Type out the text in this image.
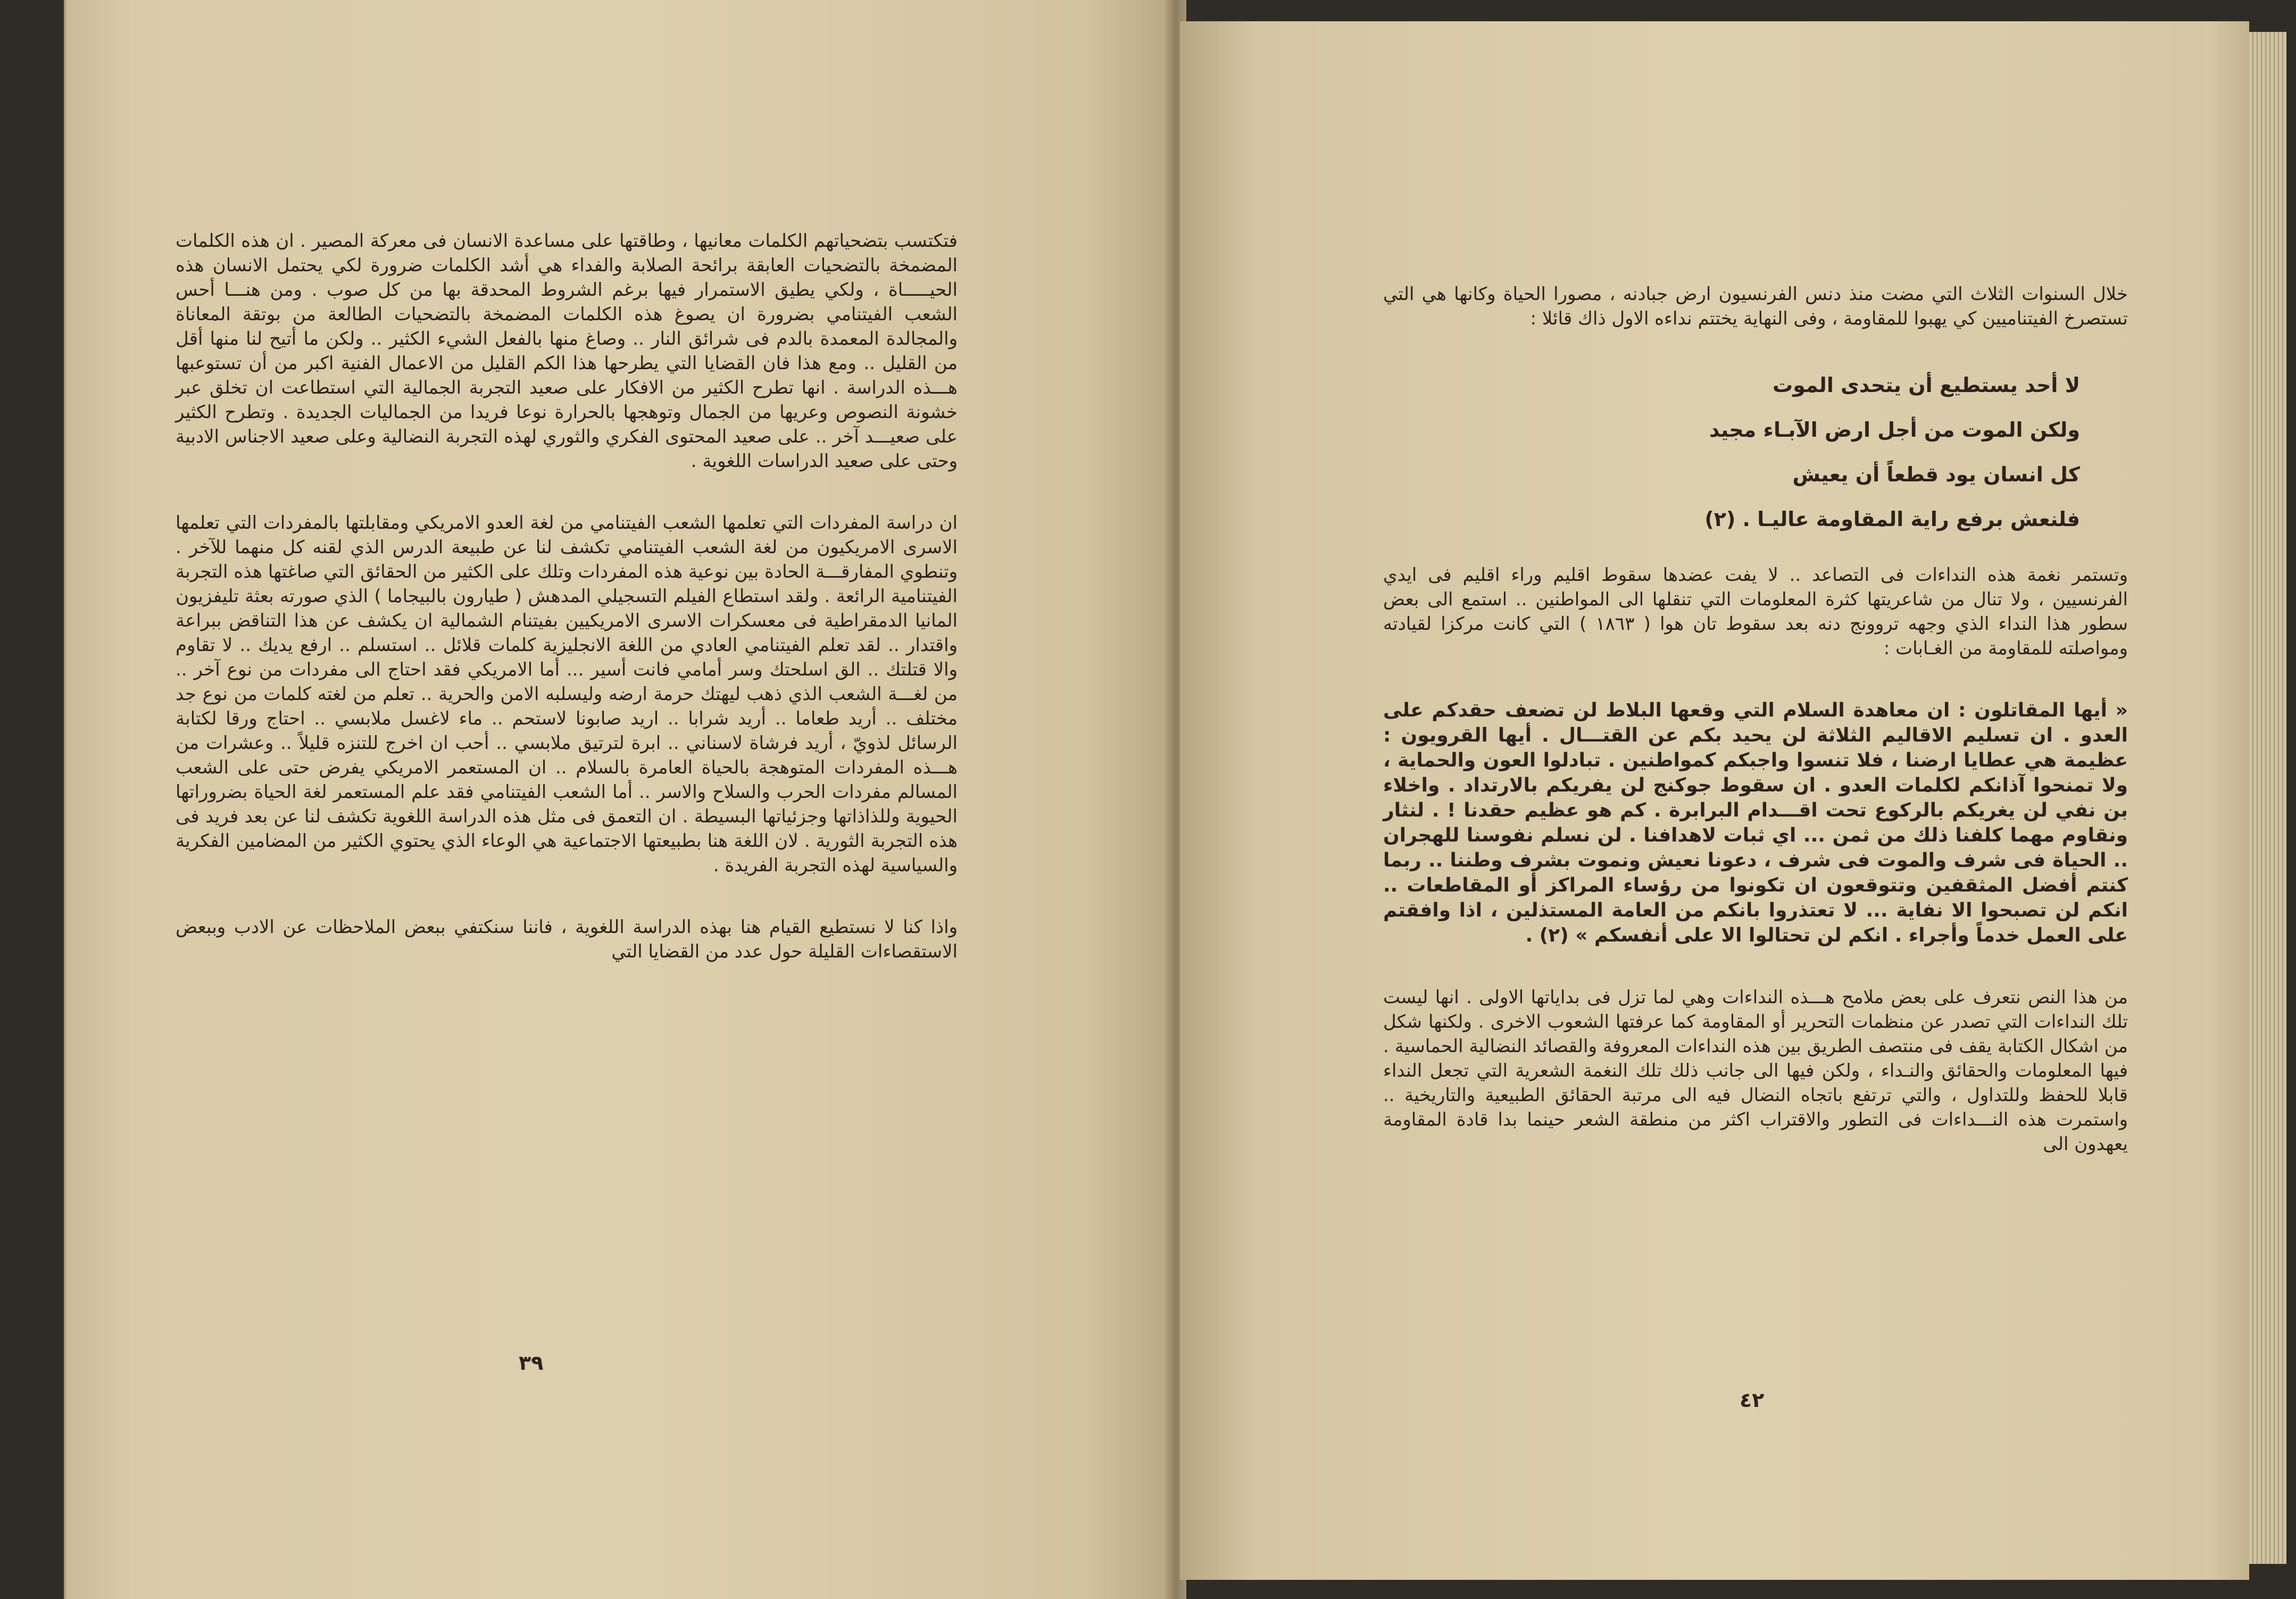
فتكتسب بتضحياتهم الكلمات معانيها ، وطاقتها على مساعدة الانسان فى معركة المصير . ان هذه الكلمات المضمخة بالتضحيات العابقة برائحة الصلابة والفداء هي أشد الكلمات ضرورة لكي يحتمل الانسان هذه الحيـــــاة ، ولكي يطيق الاستمرار فيها برغم الشروط المحدقة بها من كل صوب . ومن هنـــا أحس الشعب الفيتنامي بضرورة ان يصوغ هذه الكلمات المضمخة بالتضحيات الطالعة من بوتقة المعاناة والمجالدة المعمدة بالدم فى شرائق النار .. وصاغ منها بالفعل الشيء الكثير .. ولكن ما أتيح لنا منها أقل من القليل .. ومع هذا فان القضايا التي يطرحها هذا الكم القليل من الاعمال الفنية اكبر من أن تستوعبها هـــذه الدراسة . انها تطرح الكثير من الافكار على صعيد التجربة الجمالية التي استطاعت ان تخلق عبر خشونة النصوص وعريها من الجمال وتوهجها بالحرارة نوعا فريدا من الجماليات الجديدة . وتطرح الكثير على صعيـــد آخر .. على صعيد المحتوى الفكري والثوري لهذه التجربة النضالية وعلى صعيد الاجناس الادبية وحتى على صعيد الدراسات اللغوية .

ان دراسة المفردات التي تعلمها الشعب الفيتنامي من لغة العدو الامريكي ومقابلتها بالمفردات التي تعلمها الاسرى الامريكيون من لغة الشعب الفيتنامي تكشف لنا عن طبيعة الدرس الذي لقنه كل منهما للآخر . وتنطوي المفارقـــة الحادة بين نوعية هذه المفردات وتلك على الكثير من الحقائق التي صاغتها هذه التجربة الفيتنامية الرائعة . ولقد استطاع الفيلم التسجيلي المدهش ( طيارون بالبيجاما ) الذي صورته بعثة تليفزيون المانيا الدمقراطية فى معسكرات الاسرى الامريكيين بفيتنام الشمالية ان يكشف عن هذا التناقض ببراعة واقتدار .. لقد تعلم الفيتنامي العادي من اللغة الانجليزية كلمات قلائل .. استسلم .. ارفع يديك .. لا تقاوم والا قتلتك .. الق اسلحتك وسر أمامي فانت أسير ... أما الامريكي فقد احتاج الى مفردات من نوع آخر .. من لغـــة الشعب الذي ذهب ليهتك حرمة ارضه وليسلبه الامن والحرية .. تعلم من لغته كلمات من نوع جد مختلف .. أريد طعاما .. أريد شرابا .. اريد صابونا لاستحم .. ماء لاغسل ملابسي .. احتاج ورقا لكتابة الرسائل لذويّ ، أريد فرشاة لاسناني .. ابرة لترتيق ملابسي .. أحب ان اخرج للتنزه قليلاً .. وعشرات من هـــذه المفردات المتوهجة بالحياة العامرة بالسلام .. ان المستعمر الامريكي يفرض حتى على الشعب المسالم مفردات الحرب والسلاح والاسر .. أما الشعب الفيتنامي فقد علم المستعمر لغة الحياة بضروراتها الحيوية وللذاذاتها وجزئياتها البسيطة . ان التعمق فى مثل هذه الدراسة اللغوية تكشف لنا عن بعد فريد فى هذه التجربة الثورية . لان اللغة هنا بطبيعتها الاجتماعية هي الوعاء الذي يحتوي الكثير من المضامين الفكرية والسياسية لهذه التجربة الفريدة .

واذا كنا لا نستطيع القيام هنا بهذه الدراسة اللغوية ، فاننا سنكتفي ببعض الملاحظات عن الادب وببعض الاستقصاءات القليلة حول عدد من القضايا التي

٣٩

خلال السنوات الثلاث التي مضت منذ دنس الفرنسيون ارض جبادنه ، مصورا الحياة وكانها هي التي تستصرخ الفيتناميين كي يهبوا للمقاومة ، وفى النهاية يختتم نداءه الاول ذاك قائلا :

لا أحد يستطيع أن يتحدى الموت
ولكن الموت من أجل ارض الآبـاء مجيد
كل انسان يود قطعاً أن يعيش
فلنعش برفع راية المقاومة عاليـا . (٢)

وتستمر نغمة هذه النداءات فى التصاعد .. لا يفت عضدها سقوط اقليم وراء اقليم فى ايدي الفرنسيين ، ولا تنال من شاعريتها كثرة المعلومات التي تنقلها الى المواطنين .. استمع الى بعض سطور هذا النداء الذي وجهه تروونج دنه بعد سقوط تان هوا ( ١٨٦٣ ) التي كانت مركزا لقيادته ومواصلته للمقاومة من الغـابات :

« أيها المقاتلون : ان معاهدة السلام التي وقعها البلاط لن تضعف حقدكم على العدو . ان تسليم الاقاليم الثلاثة لن يحيد بكم عن القتـــال . أيها القرويون : عظيمة هي عطايا ارضنا ، فلا تنسوا واجبكم كمواطنين . تبادلوا العون والحماية ، ولا تمنحوا آذانكم لكلمات العدو . ان سقوط جوكنج لن يفريكم بالارتداد . واخلاء بن نفي لن يغريكم بالركوع تحت اقـــدام البرابرة . كم هو عظيم حقدنا ! . لنثار ونقاوم مهما كلفنا ذلك من ثمن ... اي ثبات لاهدافنا . لن نسلم نفوسنا للهجران .. الحياة فى شرف والموت فى شرف ، دعونا نعيش ونموت بشرف وطننا .. ربما كنتم أفضل المثقفين وتتوقعون ان تكونوا من رؤساء المراكز أو المقاطعات .. انكم لن تصبحوا الا نفاية ... لا تعتذروا بانكم من العامة المستذلين ، اذا وافقتم على العمل خدماً وأجراء . انكم لن تحتالوا الا على أنفسكم » (٢) .

من هذا النص نتعرف على بعض ملامح هـــذه النداءات وهي لما تزل فى بداياتها الاولى . انها ليست تلك النداءات التي تصدر عن منظمات التحرير أو المقاومة كما عرفتها الشعوب الاخرى . ولكنها شكل من اشكال الكتابة يقف فى منتصف الطريق بين هذه النداءات المعروفة والقصائد النضالية الحماسية . فيها المعلومات والحقائق والنـداء ، ولكن فيها الى جانب ذلك تلك النغمة الشعرية التي تجعل النداء قابلا للحفظ وللتداول ، والتي ترتفع باتجاه النضال فيه الى مرتبة الحقائق الطبيعية والتاريخية .. واستمرت هذه النـــداءات فى التطور والاقتراب اكثر من منطقة الشعر حينما بدا قادة المقاومة يعهدون الى

٤٢
